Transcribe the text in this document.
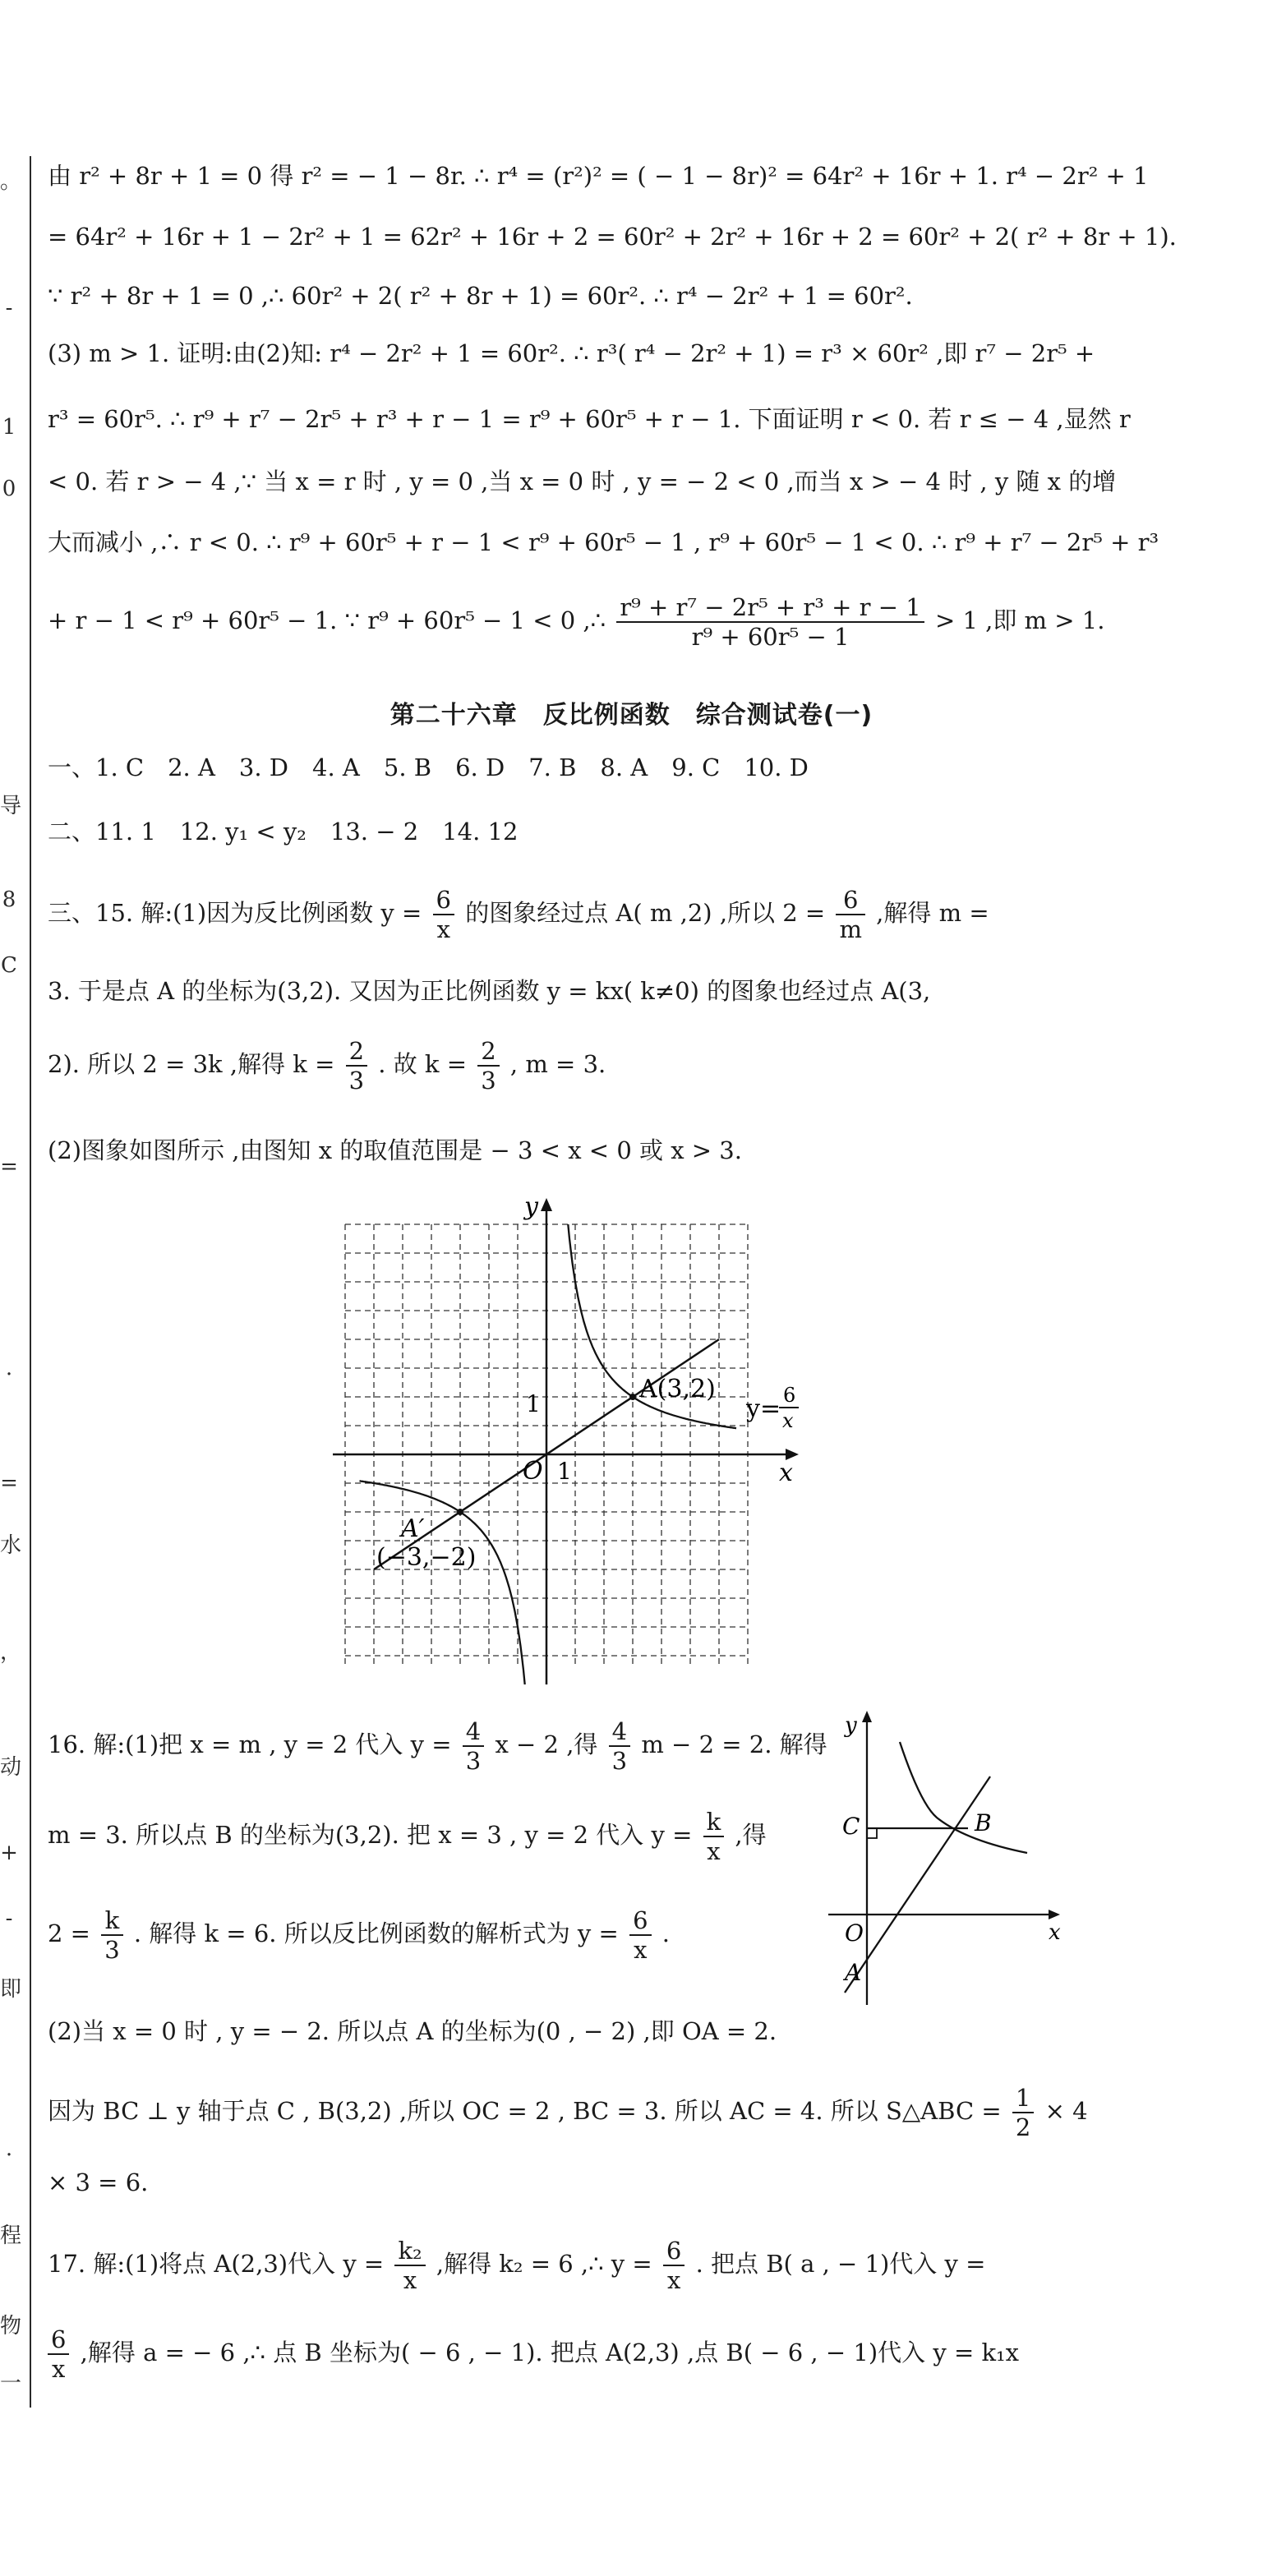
。
-
1
0
导
8
C
=
.
=
水
，
动
+
-
即
.
程
物
一
由 r² + 8r + 1 = 0 得 r² = − 1 − 8r. ∴ r⁴ = (r²)² = ( − 1 − 8r)² = 64r² + 16r + 1. r⁴ − 2r² + 1
= 64r² + 16r + 1 − 2r² + 1 = 62r² + 16r + 2 = 60r² + 2r² + 16r + 2 = 60r² + 2( r² + 8r + 1).
∵ r² + 8r + 1 = 0 ,∴ 60r² + 2( r² + 8r + 1) = 60r². ∴ r⁴ − 2r² + 1 = 60r².
(3) m > 1. 证明:由(2)知: r⁴ − 2r² + 1 = 60r². ∴ r³( r⁴ − 2r² + 1) = r³ × 60r² ,即 r⁷ − 2r⁵ +
r³ = 60r⁵. ∴ r⁹ + r⁷ − 2r⁵ + r³ + r − 1 = r⁹ + 60r⁵ + r − 1. 下面证明 r < 0. 若 r ≤ − 4 ,显然 r
< 0. 若 r > − 4 ,∵ 当 x = r 时 , y = 0 ,当 x = 0 时 , y = − 2 < 0 ,而当 x > − 4 时 , y 随 x 的增
大而减小 ,∴ r < 0. ∴ r⁹ + 60r⁵ + r − 1 < r⁹ + 60r⁵ − 1 , r⁹ + 60r⁵ − 1 < 0. ∴ r⁹ + r⁷ − 2r⁵ + r³
+ r − 1 < r⁹ + 60r⁵ − 1. ∵ r⁹ + 60r⁵ − 1 < 0 ,∴ $\frac{\text{r⁹ + r⁷ − 2r⁵ + r³ + r − 1}}{\text{r⁹ + 60r⁵ − 1}} > 1$ ,即 m > 1.
第二十六章　反比例函数　综合测试卷(一)
一、1. C　2. A　3. D　4. A　5. B　6. D　7. B　8. A　9. C　10. D
二、11. 1　12. y₁ < y₂　13. − 2　14. 12
三、15. 解:(1)因为反比例函数 $y = \frac{6}{x}$ 的图象经过点 A( m ,2) ,所以 $2 = \frac{6}{m}$ ,解得 m =
3. 于是点 A 的坐标为(3,2). 又因为正比例函数 y = kx( k≠0) 的图象也经过点 A(3,
2). 所以 2 = 3k ,解得 $k = \frac{2}{3}$ . 故 $k = \frac{2}{3}$ , m = 3.
(2)图象如图所示 ,由图知 x 的取值范围是 − 3 < x < 0 或 x > 3.
y
x
O 1
1
A(3,2)
A′
(−3,−2)
y= 6
x
16. 解:(1)把 x = m , y = 2 代入 $y = \frac{4}{3}$ x − 2 ,得 $\frac{4}{3}$ m − 2 = 2. 解得
m = 3. 所以点 B 的坐标为(3,2). 把 x = 3 , y = 2 代入 $y = \frac{k}{x}$ ,得
$2 = \frac{k}{3}$ . 解得 k = 6. 所以反比例函数的解析式为 $y = \frac{6}{x}$ .
y
x
O
C	B
A
(2)当 x = 0 时 , y = − 2. 所以点 A 的坐标为(0 , − 2) ,即 OA = 2.
因为 BC ⊥ y 轴于点 C , B(3,2) ,所以 OC = 2 , BC = 3. 所以 AC = 4. 所以 S△ABC = $\frac{1}{2} \times 4$
× 3 = 6.
17. 解:(1)将点 A(2,3)代入 $y = \frac{\text{k₂}}{x}$ ,解得 k₂ = 6 ,∴ $y = \frac{6}{x}$ . 把点 B( a , − 1)代入 y =
$\frac{6}{x}$ ,解得 a = − 6 ,∴ 点 B 坐标为( − 6 , − 1). 把点 A(2,3) ,点 B( − 6 , − 1)代入 y = k₁x
